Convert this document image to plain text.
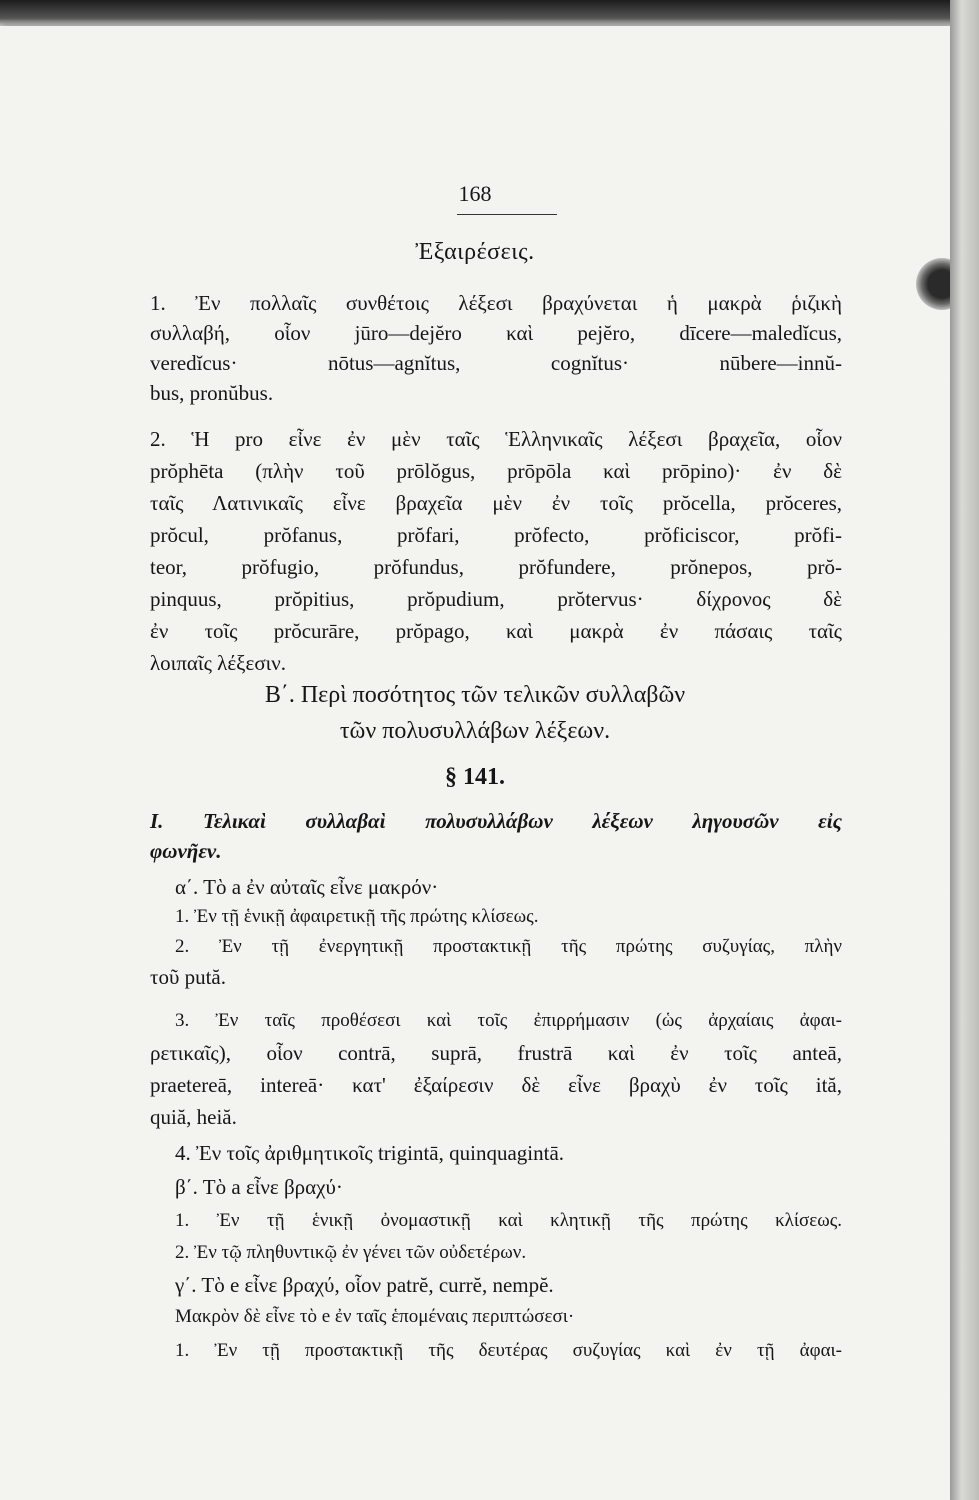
168
Ἐξαιρέσεις.
1. Ἐν πολλαῖς συνθέτοις λέξεσι βραχύνεται ἡ μακρὰ ῥιζικὴ
συλλαβή, οἷον jūro—dejĕro καὶ pejĕro, dīcere—maledĭcus,
veredĭcus· nōtus—agnĭtus, cognĭtus· nūbere—innŭ-
bus, pronŭbus.
2. Ἡ pro εἶνε ἐν μὲν ταῖς Ἑλληνικαῖς λέξεσι βραχεῖα, οἷον
prŏphēta (πλὴν τοῦ prōlŏgus, prōpōla καὶ prōpino)· ἐν δὲ
ταῖς Λατινικαῖς εἶνε βραχεῖα μὲν ἐν τοῖς prŏcella, prŏceres,
prŏcul, prŏfanus, prŏfari, prŏfecto, prŏficiscor, prŏfi-
teor, prŏfugio, prŏfundus, prŏfundere, prŏnepos, prŏ-
pinquus, prŏpitius, prŏpudium, prŏtervus· δίχρονος δὲ
ἐν τοῖς prŏcurāre, prŏpago, καὶ μακρὰ ἐν πάσαις ταῖς
λοιπαῖς λέξεσιν.
Β΄. Περὶ ποσότητος τῶν τελικῶν συλλαβῶν
τῶν πολυσυλλάβων λέξεων.
§ 141.
Ι. Τελικαὶ συλλαβαὶ πολυσυλλάβων λέξεων ληγουσῶν εἰς
φωνῆεν.
α΄. Τὸ a ἐν αὐταῖς εἶνε μακρόν·
1. Ἐν τῇ ἑνικῇ ἀφαιρετικῇ τῆς πρώτης κλίσεως.
2. Ἐν τῇ ἐνεργητικῇ προστακτικῇ τῆς πρώτης συζυγίας, πλὴν
τοῦ pută.
3. Ἐν ταῖς προθέσεσι καὶ τοῖς ἐπιρρήμασιν (ὡς ἀρχαίαις ἀφαι-
ρετικαῖς), οἷον contrā, suprā, frustrā καὶ ἐν τοῖς anteā,
praetereā, intereā· κατ' ἐξαίρεσιν δὲ εἶνε βραχὺ ἐν τοῖς ită,
quiă, heiă.
4. Ἐν τοῖς ἀριθμητικοῖς trigintā, quinquagintā.
β΄. Τὸ a εἶνε βραχύ·
1. Ἐν τῇ ἑνικῇ ὀνομαστικῇ καὶ κλητικῇ τῆς πρώτης κλίσεως.
2. Ἐν τῷ πληθυντικῷ ἐν γένει τῶν οὐδετέρων.
γ΄. Τὸ e εἶνε βραχύ, οἷον patrĕ, currĕ, nempĕ.
Μακρὸν δὲ εἶνε τὸ e ἐν ταῖς ἑπομέναις περιπτώσεσι·
1. Ἐν τῇ προστακτικῇ τῆς δευτέρας συζυγίας καὶ ἐν τῇ ἀφαι-
